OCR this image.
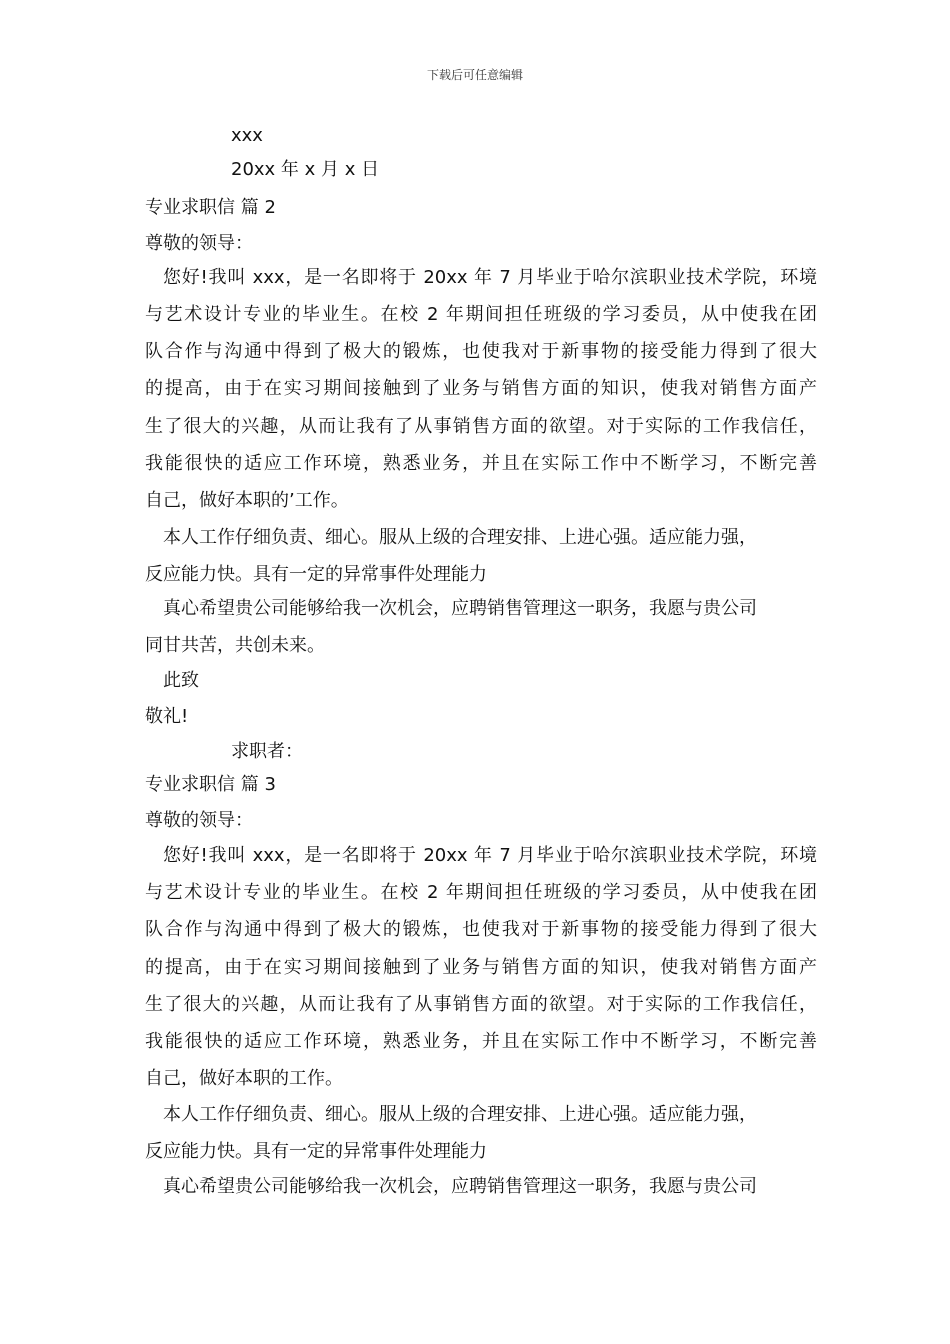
下载后可任意编辑
xxx
20xx 年 x 月 x 日
专业求职信 篇 2
尊敬的领导：
您好!我叫 xxx，是一名即将于 20xx 年 7 月毕业于哈尔滨职业技术学院，环境
与艺术设计专业的毕业生。在校 2 年期间担任班级的学习委员，从中使我在团
队合作与沟通中得到了极大的锻炼，也使我对于新事物的接受能力得到了很大
的提高，由于在实习期间接触到了业务与销售方面的知识，使我对销售方面产
生了很大的兴趣，从而让我有了从事销售方面的欲望。对于实际的工作我信任，
我能很快的适应工作环境，熟悉业务，并且在实际工作中不断学习，不断完善
自己，做好本职的’工作。
本人工作仔细负责、细心。服从上级的合理安排、上进心强。适应能力强，
反应能力快。具有一定的异常事件处理能力
真心希望贵公司能够给我一次机会，应聘销售管理这一职务，我愿与贵公司
同甘共苦，共创未来。
此致
敬礼!
求职者：
专业求职信 篇 3
尊敬的领导：
您好!我叫 xxx，是一名即将于 20xx 年 7 月毕业于哈尔滨职业技术学院，环境
与艺术设计专业的毕业生。在校 2 年期间担任班级的学习委员，从中使我在团
队合作与沟通中得到了极大的锻炼，也使我对于新事物的接受能力得到了很大
的提高，由于在实习期间接触到了业务与销售方面的知识，使我对销售方面产
生了很大的兴趣，从而让我有了从事销售方面的欲望。对于实际的工作我信任，
我能很快的适应工作环境，熟悉业务，并且在实际工作中不断学习，不断完善
自己，做好本职的工作。
本人工作仔细负责、细心。服从上级的合理安排、上进心强。适应能力强，
反应能力快。具有一定的异常事件处理能力
真心希望贵公司能够给我一次机会，应聘销售管理这一职务，我愿与贵公司
